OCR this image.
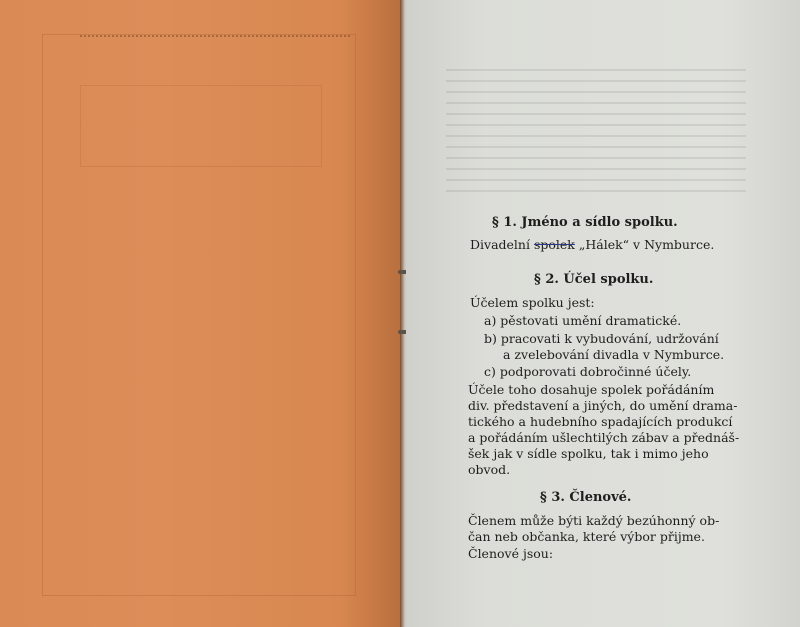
§ 1. Jméno a sídlo spolku.
Divadelní spolek „Hálek“ v Nymburce.
§ 2. Účel spolku.
Účelem spolku jest:
a) pěstovati umění dramatické.
b) pracovati k vybudování, udržování
a zvelebování divadla v Nymburce.
c) podporovati dobročinné účely.
Účele toho dosahuje spolek pořádáním
div. představení a jiných, do umění drama-
tického a hudebního spadajících produkcí
a pořádáním ušlechtilých zábav a přednáš-
šek jak v sídle spolku, tak i mimo jeho
obvod.
§ 3. Členové.
Členem může býti každý bezúhonný ob-
čan neb občanka, které výbor přijme.
Členové jsou:
